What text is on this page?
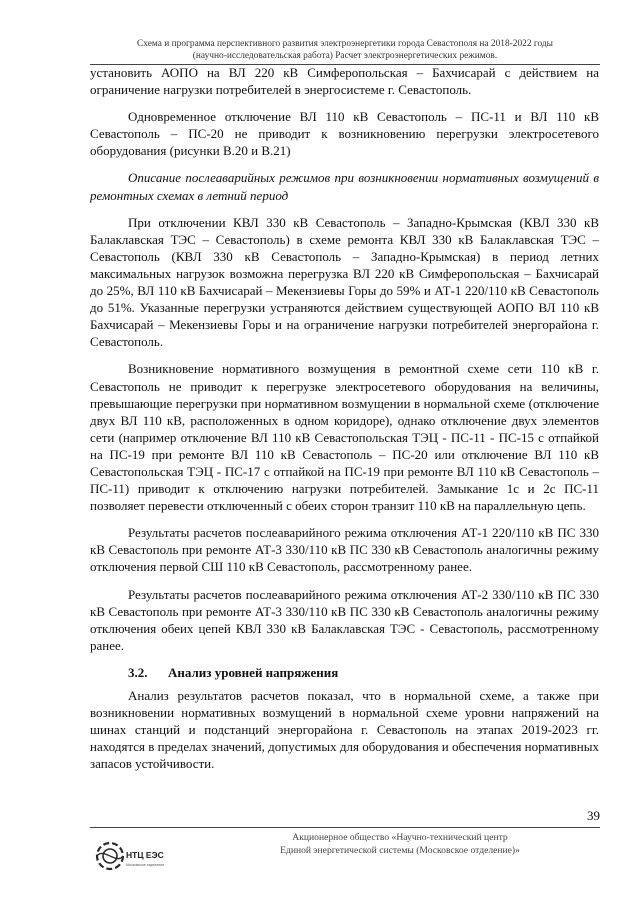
Схема и программа перспективного развития электроэнергетики города Севастополя на 2018-2022 годы
(научно-исследовательская работа) Расчет электроэнергетических режимов.

установить АОПО на ВЛ 220 кВ Симферопольская – Бахчисарай с действием на ограничение нагрузки потребителей в энергосистеме г. Севастополь.

Одновременное отключение ВЛ 110 кВ Севастополь – ПС-11 и ВЛ 110 кВ Севастополь – ПС-20 не приводит к возникновению перегрузки электросетевого оборудования (рисунки В.20 и В.21)

Описание послеаварийных режимов при возникновении нормативных возмущений в ремонтных схемах в летний период

При отключении КВЛ 330 кВ Севастополь – Западно-Крымская (КВЛ 330 кВ Балаклавская ТЭС – Севастополь) в схеме ремонта КВЛ 330 кВ Балаклавская ТЭС – Севастополь (КВЛ 330 кВ Севастополь – Западно-Крымская) в период летних максимальных нагрузок возможна перегрузка ВЛ 220 кВ Симферопольская – Бахчисарай до 25%, ВЛ 110 кВ Бахчисарай – Мекензиевы Горы до 59% и АТ-1 220/110 кВ Севастополь до 51%. Указанные перегрузки устраняются действием существующей АОПО ВЛ 110 кВ Бахчисарай – Мекензиевы Горы и на ограничение нагрузки потребителей энергорайона г. Севастополь.

Возникновение нормативного возмущения в ремонтной схеме сети 110 кВ г. Севастополь не приводит к перегрузке электросетевого оборудования на величины, превышающие перегрузки при нормативном возмущении в нормальной схеме (отключение двух ВЛ 110 кВ, расположенных в одном коридоре), однако отключение двух элементов сети (например отключение ВЛ 110 кВ Севастопольская ТЭЦ - ПС-11 - ПС-15 с отпайкой на ПС-19 при ремонте ВЛ 110 кВ Севастополь – ПС-20 или отключение ВЛ 110 кВ Севастопольская ТЭЦ - ПС-17 с отпайкой на ПС-19 при ремонте ВЛ 110 кВ Севастополь – ПС-11) приводит к отключению нагрузки потребителей. Замыкание 1с и 2с ПС-11 позволяет перевести отключенный с обеих сторон транзит 110 кВ на параллельную цепь.

Результаты расчетов послеаварийного режима отключения АТ-1 220/110 кВ ПС 330 кВ Севастополь при ремонте АТ-3 330/110 кВ ПС 330 кВ Севастополь аналогичны режиму отключения первой СШ 110 кВ Севастополь, рассмотренному ранее.

Результаты расчетов послеаварийного режима отключения АТ-2 330/110 кВ ПС 330 кВ Севастополь при ремонте АТ-3 330/110 кВ ПС 330 кВ Севастополь аналогичны режиму отключения обеих цепей КВЛ 330 кВ Балаклавская ТЭС - Севастополь, рассмотренному ранее.

3.2. Анализ уровней напряжения

Анализ результатов расчетов показал, что в нормальной схеме, а также при возникновении нормативных возмущений в нормальной схеме уровни напряжений на шинах станций и подстанций энергорайона г. Севастополь на этапах 2019-2023 гг. находятся в пределах значений, допустимых для оборудования и обеспечения нормативных запасов устойчивости.

39
НТЦ ЕЭС
Московское отделение
Акционерное общество «Научно-технический центр
Единой энергетической системы (Московское отделение)»
